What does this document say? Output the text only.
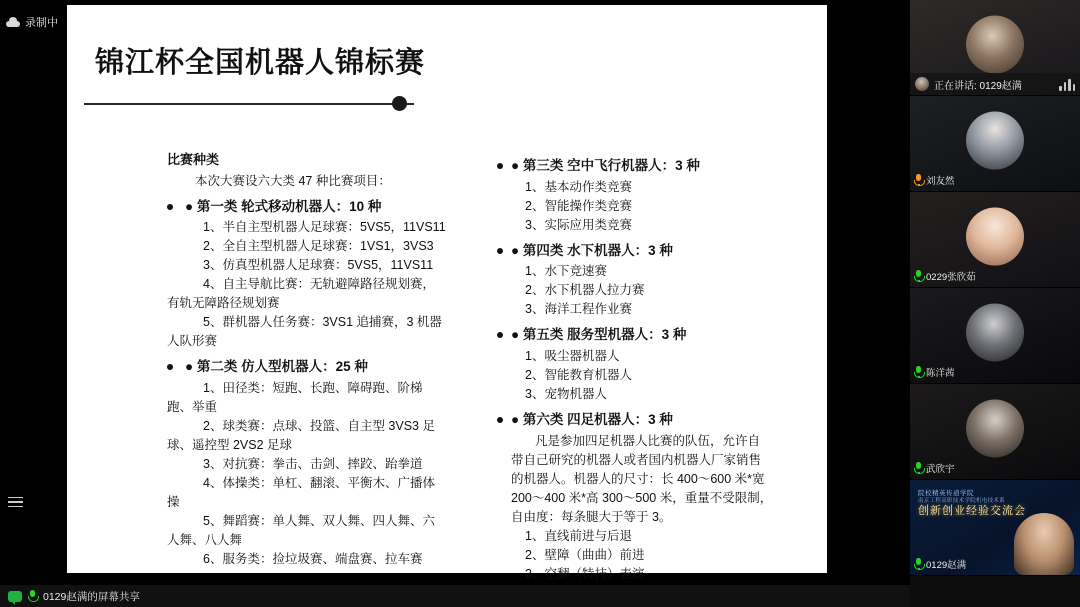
录制中
锦江杯全国机器人锦标赛
比赛种类
本次大赛设六大类 47 种比赛项目：
● 第一类 轮式移动机器人：10 种
1、半自主型机器人足球赛：5VS5，11VS11
2、全自主型机器人足球赛：1VS1，3VS3
3、仿真型机器人足球赛：5VS5，11VS11
4、自主导航比赛：无轨避障路径规划赛，
有轨无障路径规划赛
5、群机器人任务赛：3VS1 追捕赛，3 机器
人队形赛
● 第二类 仿人型机器人：25 种
1、田径类：短跑、长跑、障碍跑、阶梯
跑、举重
2、球类赛：点球、投篮、自主型 3VS3 足
球、遥控型 2VS2 足球
3、对抗赛：拳击、击剑、摔跤、跆拳道
4、体操类：单杠、翻滚、平衡木、广播体
操
5、舞蹈赛：单人舞、双人舞、四人舞、六
人舞、八人舞
6、服务类：捡垃圾赛、端盘赛、拉车赛
● 第三类 空中飞行机器人：3 种
1、基本动作类竞赛
2、智能操作类竞赛
3、实际应用类竞赛
● 第四类 水下机器人：3 种
1、水下竞速赛
2、水下机器人拉力赛
3、海洋工程作业赛
● 第五类 服务型机器人：3 种
1、吸尘器机器人
2、智能教育机器人
3、宠物机器人
● 第六类 四足机器人：3 种
凡是参加四足机器人比赛的队伍，允许自
带自己研究的机器人或者国内机器人厂家销售
的机器人。机器人的尺寸：长 400～600 米*宽
200～400 米*高 300～500 米，重量不受限制，
自由度：每条腿大于等于 3。
1、直线前进与后退
2、壁障（曲曲）前进
3、空翻（特技）表演
正在讲话: 0129赵满
刘友然
0229张欣茹
陈洋茜
武欣宇
院校精英传道学院
南京工程高职技术学院机电技术系
创新创业经验交流会
0129赵满
0129赵满的屏幕共享
